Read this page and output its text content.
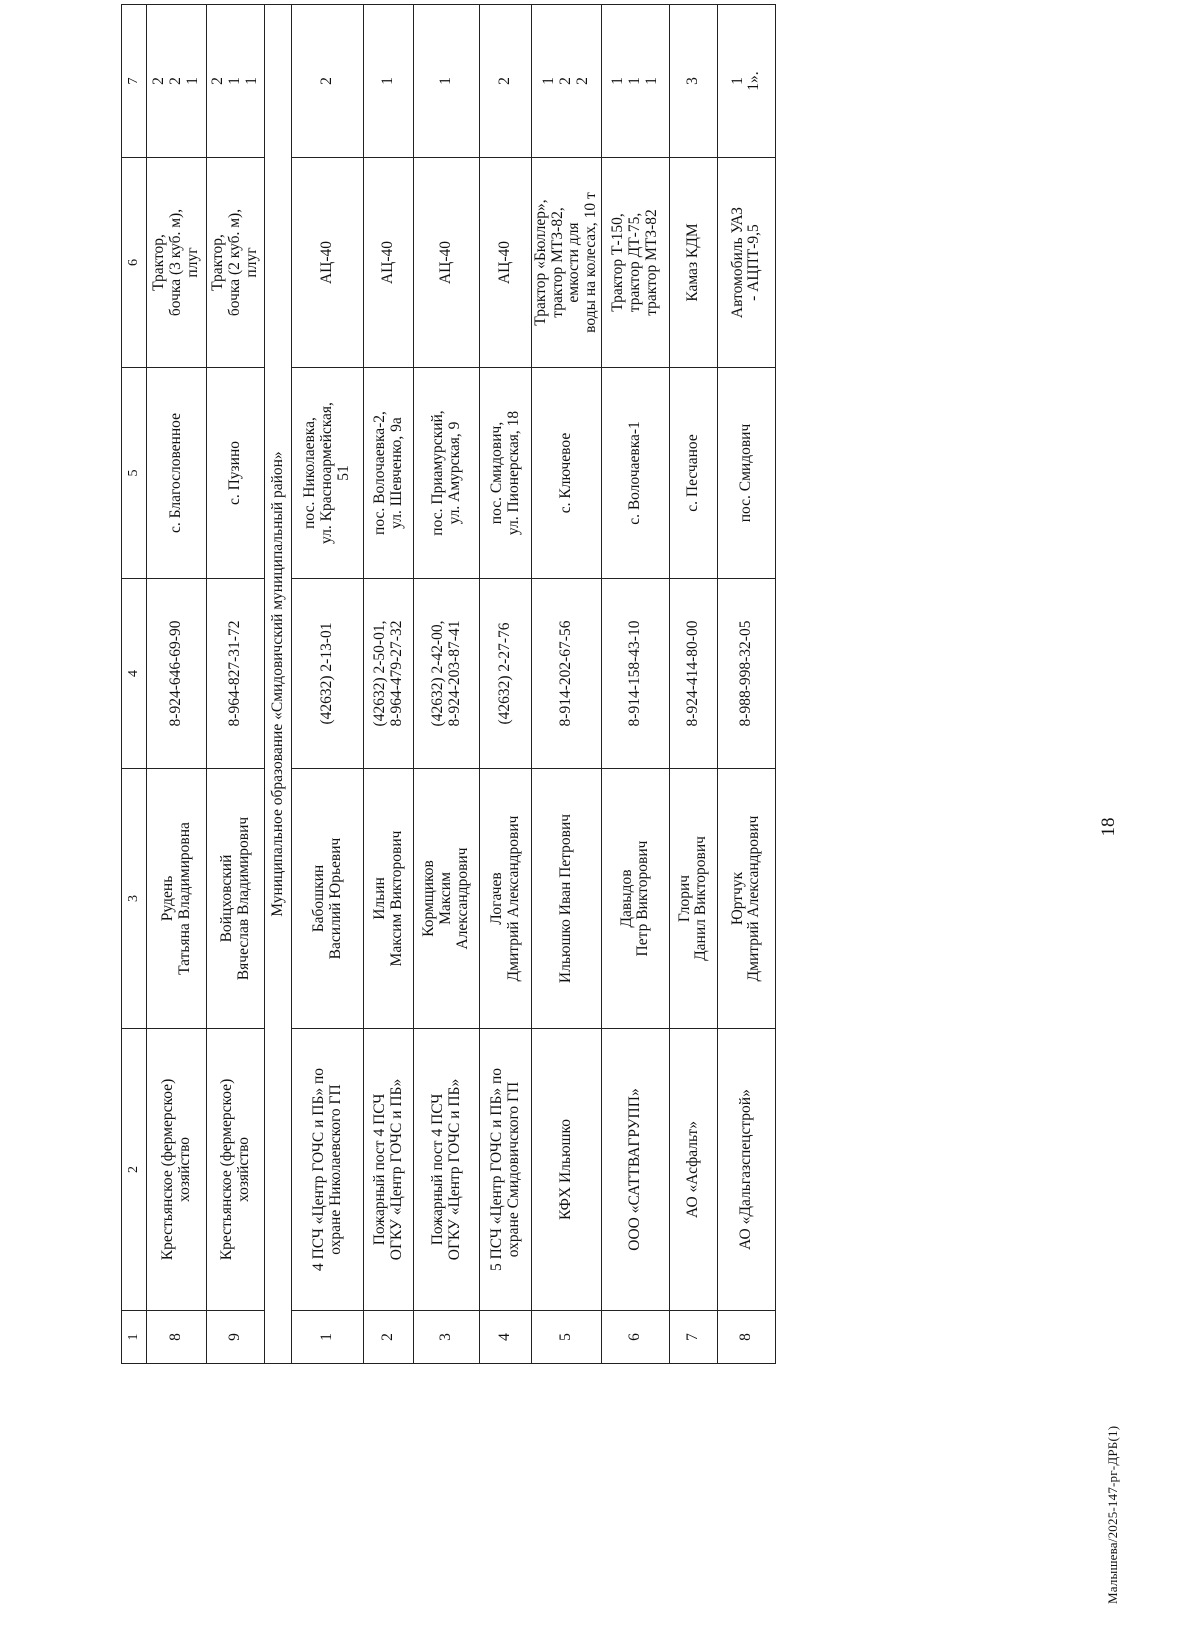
18
1	2	3	4	5	6	7
8	Крестьянское (фермерское) хозяйство	Рудень Татьяна Владимировна	8-924-646-69-90	с. Благословенное	Трактор, бочка (3 куб. м), плуг	2 2 1

9	Крестьянское (фермерское) хозяйство	Войцховский Вячеслав Владимирович	8-964-827-31-72	с. Пузино	Трактор, бочка (2 куб. м), плуг	2 1 1

Муниципальное образование «Смидовичский муниципальный район»						
1	4 ПСЧ «Центр ГОЧС и ПБ» по охране Николаевского ГП	Бабошкин Василий Юрьевич	(42632) 2-13-01	пос. Николаевка, ул. Красноармейская, 51	АЦ-40	2

2	Пожарный пост 4 ПСЧ ОГКУ «Центр ГОЧС и ПБ»	Ильин Максим Викторович	(42632) 2-50-01, 8-964-479-27-32	пос. Волочаевка-2, ул. Шевченко, 9а	АЦ-40	1

3	Пожарный пост 4 ПСЧ ОГКУ «Центр ГОЧС и ПБ»	Кормщиков Максим Александрович	(42632) 2-42-00, 8-924-203-87-41	пос. Приамурский, ул. Амурская, 9	АЦ-40	1

4	5 ПСЧ «Центр ГОЧС и ПБ» по охране Смидовичского ГП	Логачев Дмитрий Александрович	(42632) 2-27-76	пос. Смидович, ул. Пионерская, 18	АЦ-40	2

5	КФХ Ильюшко	Ильюшко Иван Петрович	8-914-202-67-56	с. Ключевое	Трактор «Бюллер», трактор МТЗ-82, емкости для воды на колесах, 10 т	1 2 2

6	ООО «САТТВАГРУПП»	Давыдов Петр Викторович	8-914-158-43-10	с. Волочаевка-1	Трактор Т-150, трактор ДТ-75, трактор МТЗ-82	1 1 1

7	АО «Асфальт»	Глорич Данил Викторович	8-924-414-80-00	с. Песчаное	Камаз КДМ	3

8	АО «Дальгазспецстрой»	Юртчук Дмитрий Александрович	8-988-998-32-05	пос. Смидович	Автомобиль УАЗ - АЦПТ-9,5	1 1».
Малышева/2025-147-рг-ДРБ(1)
